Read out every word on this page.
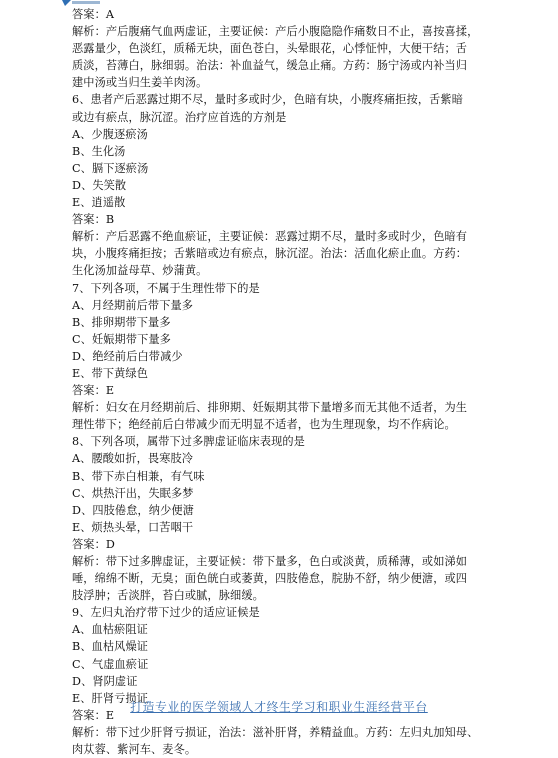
答案：A
解析：产后腹痛气血两虚证，主要证候：产后小腹隐隐作痛数日不止，喜按喜揉，
恶露量少，色淡红，质稀无块，面色苍白，头晕眼花，心悸怔忡，大便干结；舌
质淡，苔薄白，脉细弱。治法：补血益气，缓急止痛。方药：肠宁汤或内补当归
建中汤或当归生姜羊肉汤。
6、患者产后恶露过期不尽，量时多或时少，色暗有块，小腹疼痛拒按，舌紫暗
或边有瘀点，脉沉涩。治疗应首选的方剂是
A、少腹逐瘀汤
B、生化汤
C、膈下逐瘀汤
D、失笑散
E、逍遥散
答案：B
解析：产后恶露不绝血瘀证，主要证候：恶露过期不尽，量时多或时少，色暗有
块，小腹疼痛拒按；舌紫暗或边有瘀点，脉沉涩。治法：活血化瘀止血。方药：
生化汤加益母草、炒蒲黄。
7、下列各项，不属于生理性带下的是
A、月经期前后带下量多
B、排卵期带下量多
C、妊娠期带下量多
D、绝经前后白带减少
E、带下黄绿色
答案：E
解析：妇女在月经期前后、排卵期、妊娠期其带下量增多而无其他不适者，为生
理性带下；绝经前后白带减少而无明显不适者，也为生理现象，均不作病论。
8、下列各项，属带下过多脾虚证临床表现的是
A、腰酸如折，畏寒肢冷
B、带下赤白相兼，有气味
C、烘热汗出，失眠多梦
D、四肢倦怠，纳少便溏
E、烦热头晕，口苦咽干
答案：D
解析：带下过多脾虚证，主要证候：带下量多，色白或淡黄，质稀薄，或如涕如
唾，绵绵不断，无臭；面色㿠白或萎黄，四肢倦怠，脘胁不舒，纳少便溏，或四
肢浮肿；舌淡胖，苔白或腻，脉细缓。
9、左归丸治疗带下过少的适应证候是
A、血枯瘀阻证
B、血枯风燥证
C、气虚血瘀证
D、肾阴虚证
E、肝肾亏损证
答案：E
解析：带下过少肝肾亏损证，治法：滋补肝肾，养精益血。方药：左归丸加知母、
肉苁蓉、紫河车、麦冬。
打造专业的医学领域人才终生学习和职业生涯经营平台
